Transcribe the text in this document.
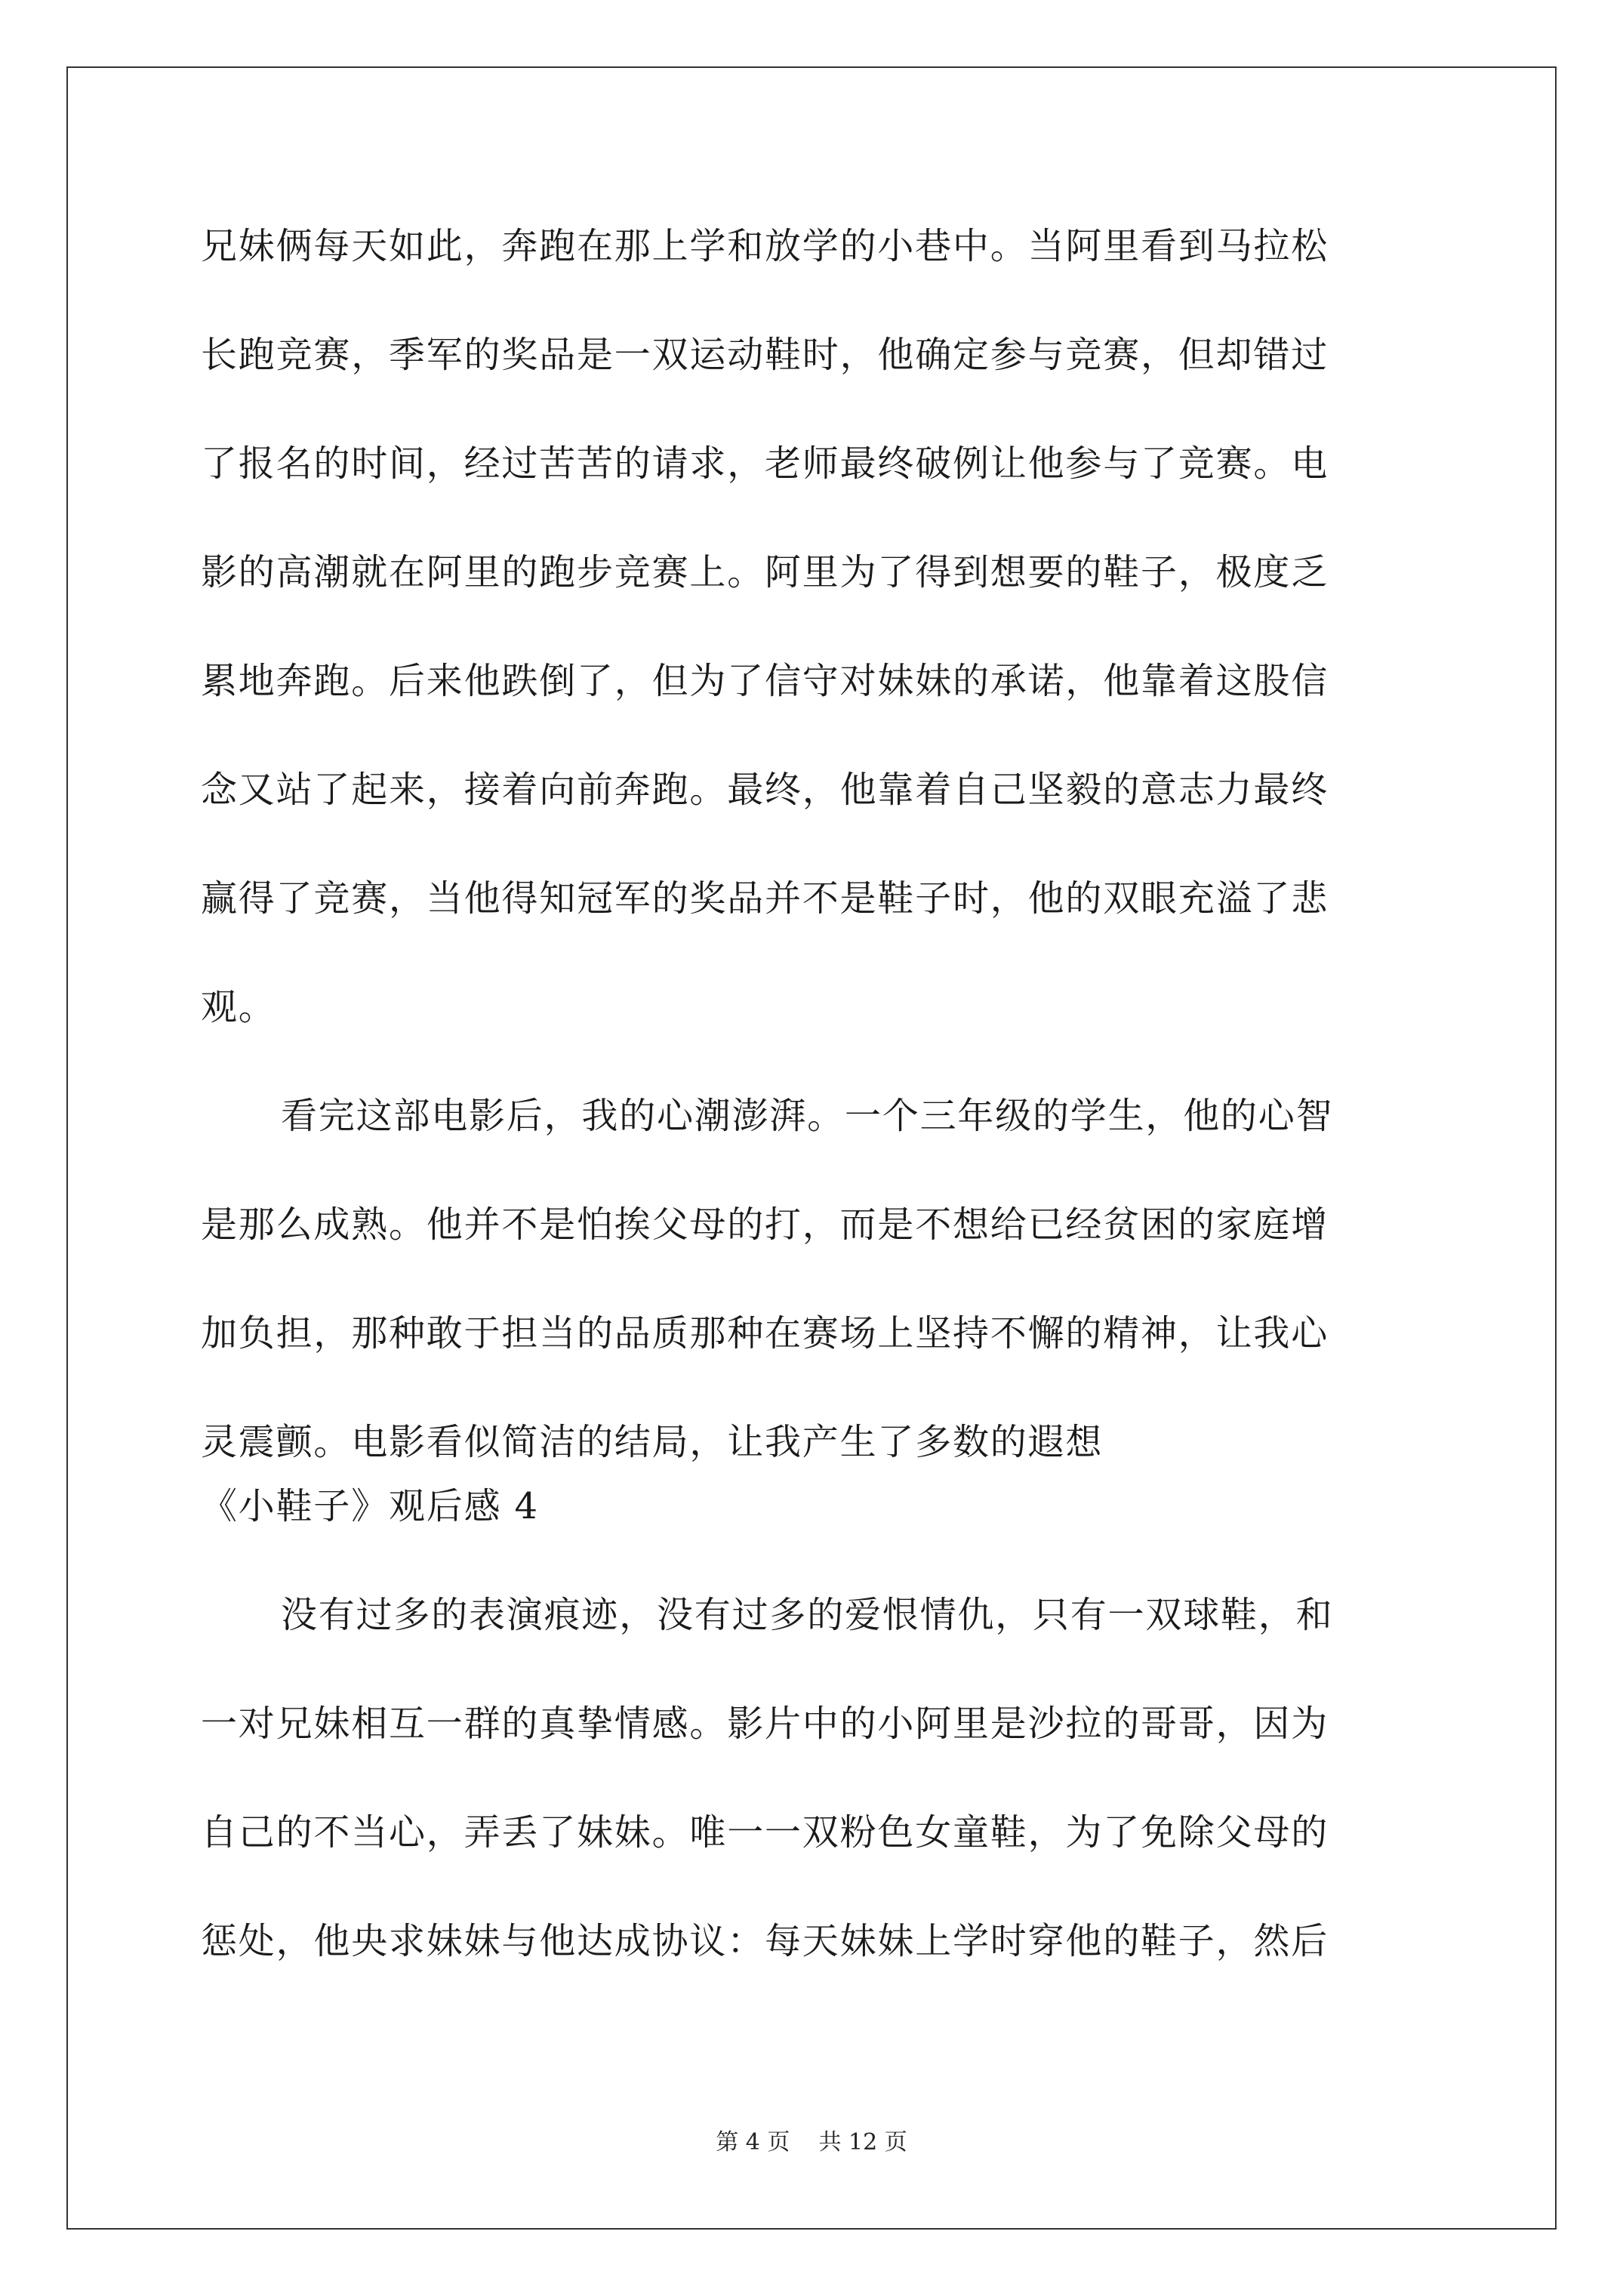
兄妹俩每天如此，奔跑在那上学和放学的小巷中。当阿里看到马拉松
长跑竞赛，季军的奖品是一双运动鞋时，他确定参与竞赛，但却错过
了报名的时间，经过苦苦的请求，老师最终破例让他参与了竞赛。电
影的高潮就在阿里的跑步竞赛上。阿里为了得到想要的鞋子，极度乏
累地奔跑。后来他跌倒了，但为了信守对妹妹的承诺，他靠着这股信
念又站了起来，接着向前奔跑。最终，他靠着自己坚毅的意志力最终
赢得了竞赛，当他得知冠军的奖品并不是鞋子时，他的双眼充溢了悲
观。
看完这部电影后，我的心潮澎湃。一个三年级的学生，他的心智
是那么成熟。他并不是怕挨父母的打，而是不想给已经贫困的家庭增
加负担，那种敢于担当的品质那种在赛场上坚持不懈的精神，让我心
灵震颤。电影看似简洁的结局，让我产生了多数的遐想
《小鞋子》观后感 4
没有过多的表演痕迹，没有过多的爱恨情仇，只有一双球鞋，和
一对兄妹相互一群的真挚情感。影片中的小阿里是沙拉的哥哥，因为
自己的不当心，弄丢了妹妹。唯一一双粉色女童鞋，为了免除父母的
惩处，他央求妹妹与他达成协议：每天妹妹上学时穿他的鞋子，然后
第 4 页    共 12 页
